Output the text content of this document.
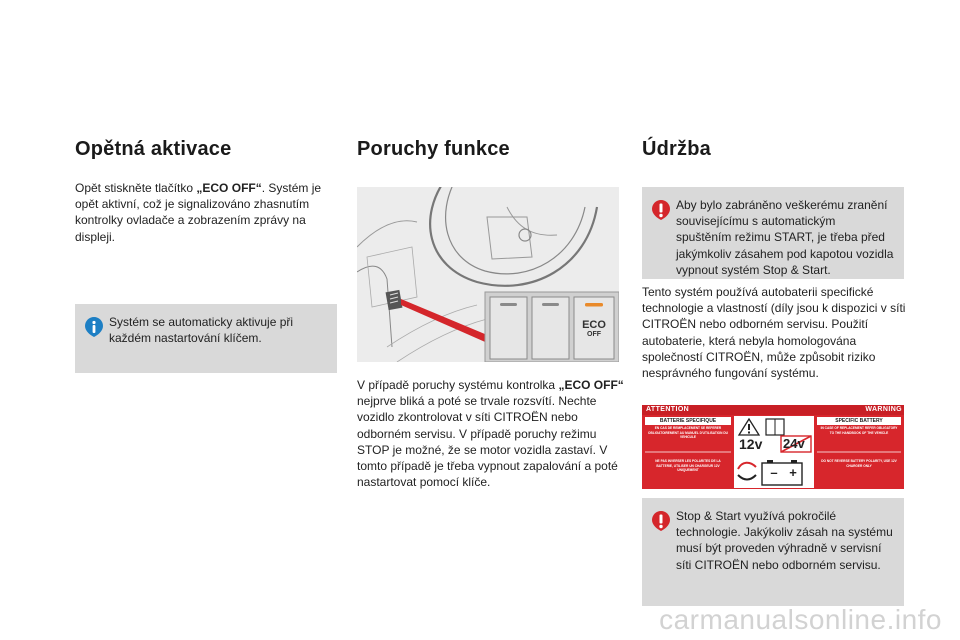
Opětná aktivace
Opět stiskněte tlačítko „ECO OFF“. Systém je opět aktivní, což je signalizováno zhasnutím kontrolky ovladače a zobrazením zprávy na displeji.
Systém se automaticky aktivuje při každém nastartování klíčem.
Poruchy funkce
ECO
OFF
V případě poruchy systému kontrolka „ECO OFF“ nejprve bliká a poté se trvale rozsvítí. Nechte vozidlo zkontrolovat v síti CITROËN nebo odborném servisu. V případě poruchy režimu STOP je možné, že se motor vozidla zastaví. V tomto případě je třeba vypnout zapalování a poté nastartovat pomocí klíče.
Údržba
Aby bylo zabráněno veškerému zranění souvisejícímu s automatickým spuštěním režimu START, je třeba před jakýmkoliv zásahem pod kapotou vozidla vypnout systém Stop & Start.
Tento systém používá autobaterii specifické technologie a vlastností (díly jsou k dispozici v síti CITROËN nebo odborném servisu. Použití autobaterie, která nebyla homologována společností CITROËN, může způsobit riziko nesprávného fungování systému.
Stop & Start využívá pokročilé technologie. Jakýkoliv zásah na systému musí být proveden výhradně v servisní síti CITROËN nebo odborném servisu.
ATTENTION	WARNING
BATTERIE SPECIFIQUE
EN CAS DE REMPLACEMENT SE REFERER OBLIGATOIREMENT AU MANUEL D'UTILISATION DU VEHICULE
NE PAS INVERSER LES POLARITES DE LA BATTERIE, UTILISER UN CHARGEUR 12V UNIQUEMENT
SPECIFIC BATTERY
IN CASE OF REPLACEMENT REFER OBLIGATORY TO THE HANDBOOK OF THE VEHICLE
DO NOT REVERSE BATTERY POLARITY, USE 12V CHARGER ONLY
12v	24v
– +
carmanualsonline.info
